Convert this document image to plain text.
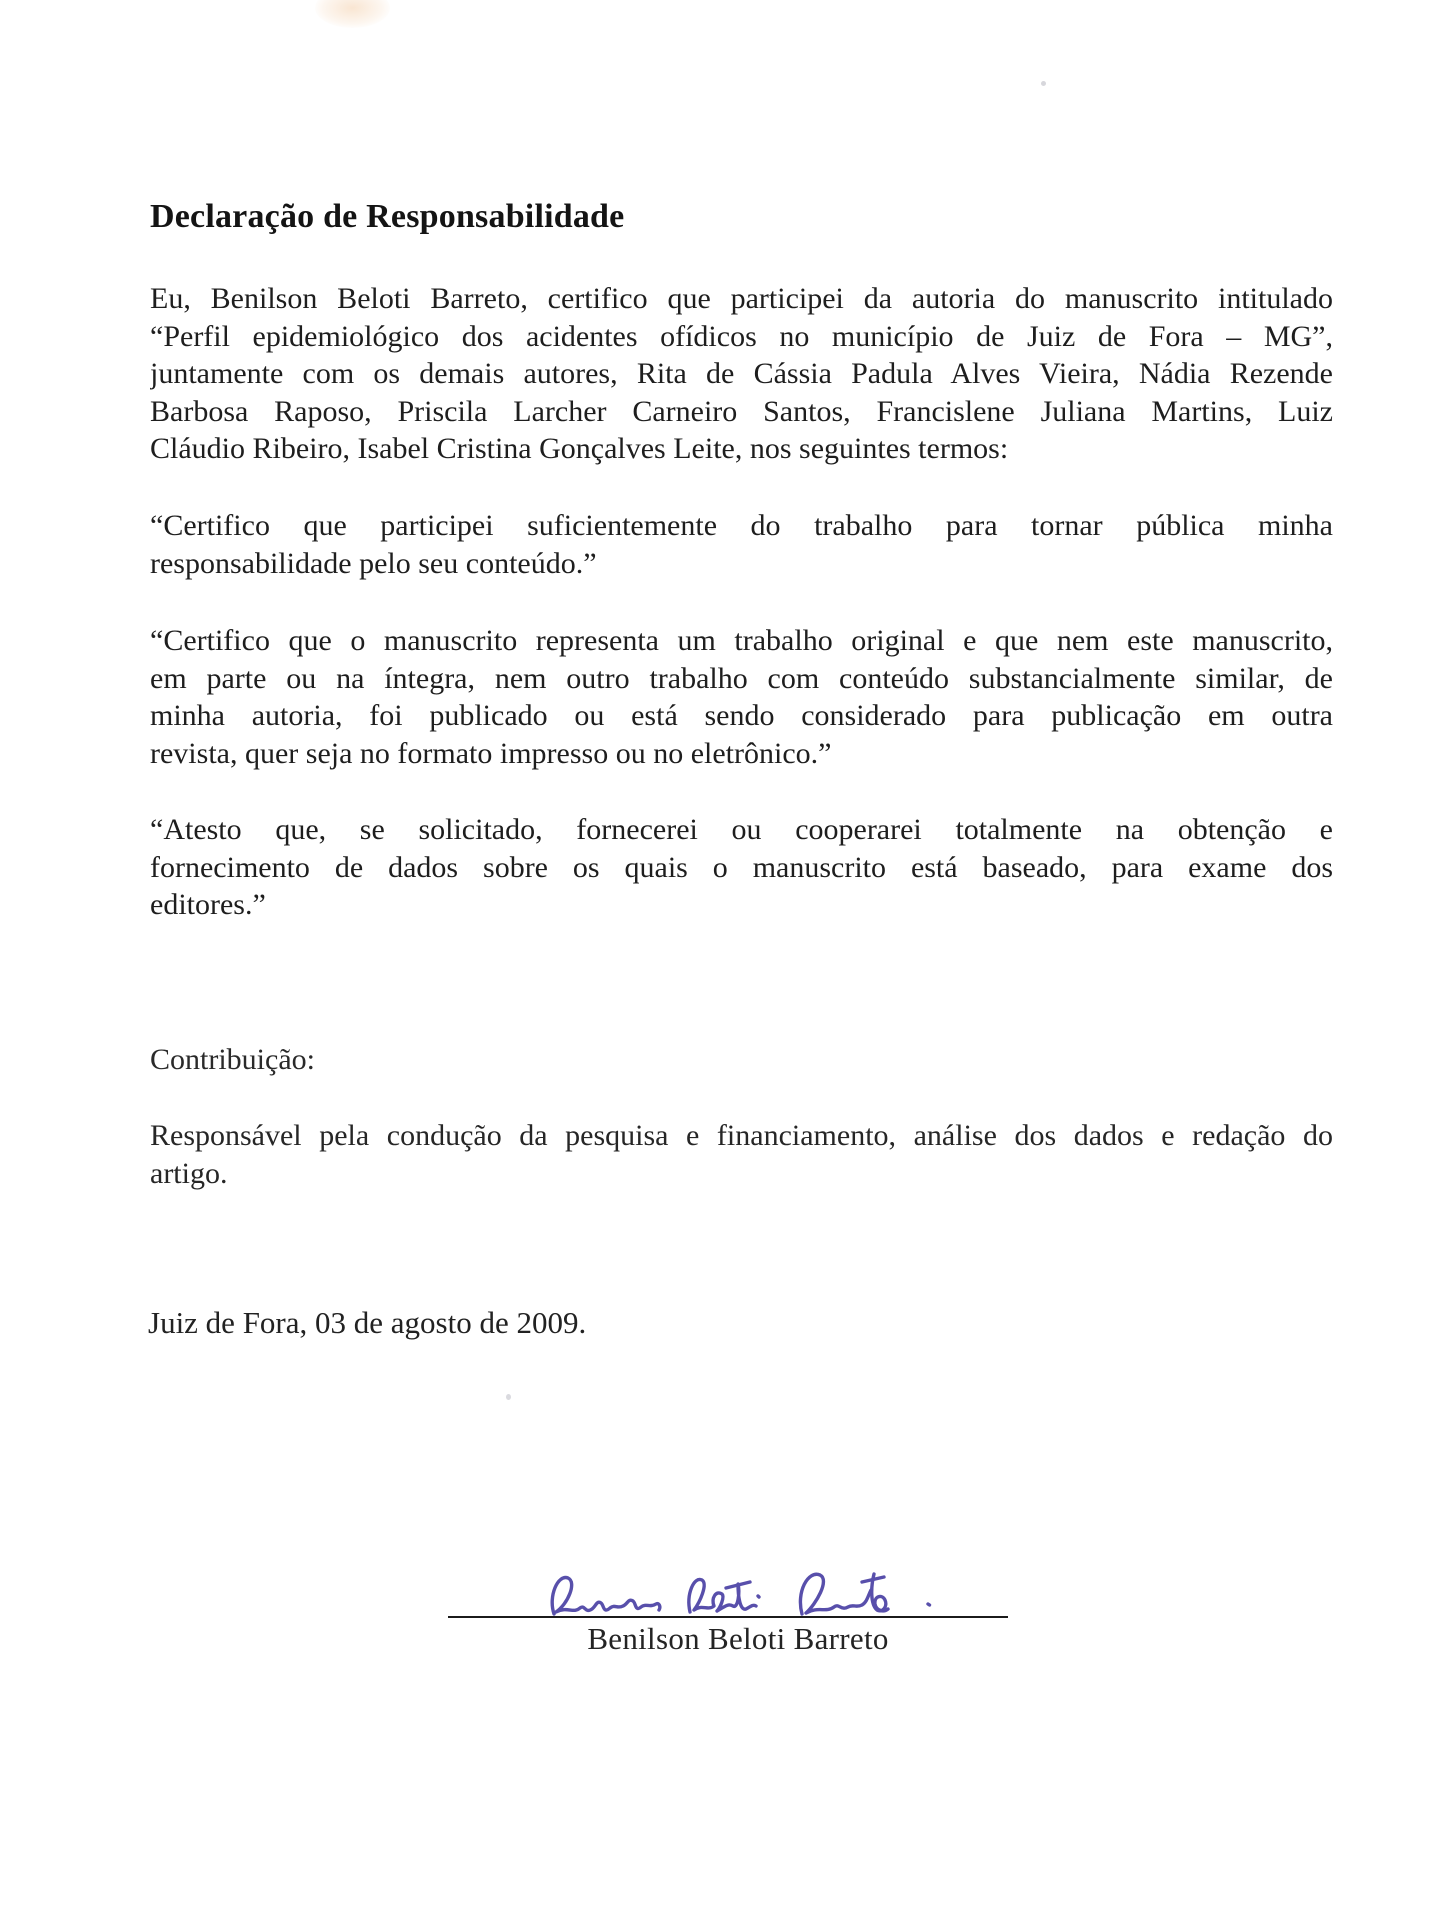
Declaração de Responsabilidade
Eu, Benilson Beloti Barreto, certifico que participei da autoria do manuscrito intitulado
“Perfil epidemiológico dos acidentes ofídicos no município de Juiz de Fora – MG”,
juntamente com os demais autores, Rita de Cássia Padula Alves Vieira, Nádia Rezende
Barbosa Raposo, Priscila Larcher Carneiro Santos, Francislene Juliana Martins, Luiz
Cláudio Ribeiro, Isabel Cristina Gonçalves Leite, nos seguintes termos:
“Certifico que participei suficientemente do trabalho para tornar pública minha
responsabilidade pelo seu conteúdo.”
“Certifico que o manuscrito representa um trabalho original e que nem este manuscrito,
em parte ou na íntegra, nem outro trabalho com conteúdo substancialmente similar, de
minha autoria, foi publicado ou está sendo considerado para publicação em outra
revista, quer seja no formato impresso ou no eletrônico.”
“Atesto que, se solicitado, fornecerei ou cooperarei totalmente na obtenção e
fornecimento de dados sobre os quais o manuscrito está baseado, para exame dos
editores.”
Contribuição:
Responsável pela condução da pesquisa e financiamento, análise dos dados e redação do
artigo.
Juiz de Fora, 03 de agosto de 2009.
Benilson Beloti Barreto
